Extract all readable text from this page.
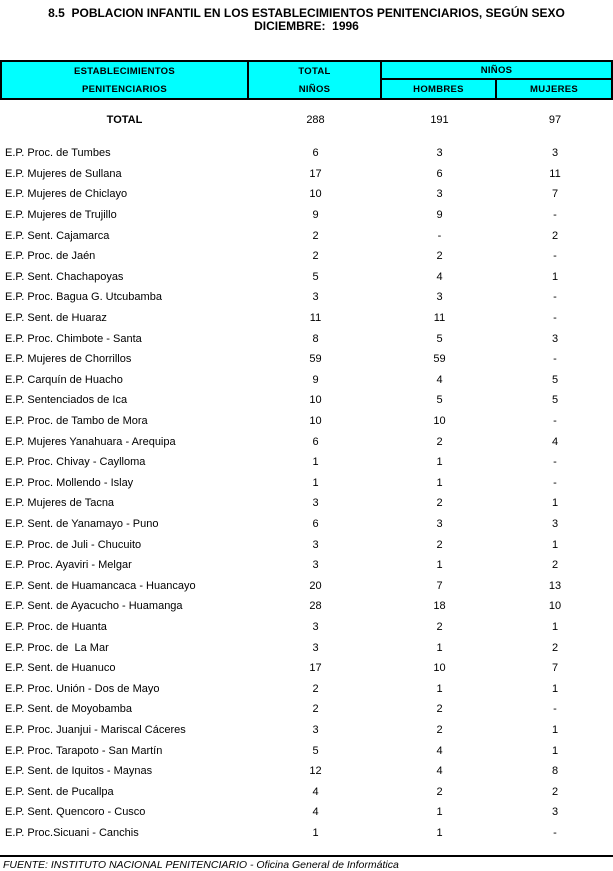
8.5  POBLACION INFANTIL EN LOS ESTABLECIMIENTOS PENITENCIARIOS, SEGÚN SEXO
DICIEMBRE:  1996
ESTABLECIMIENTOS
PENITENCIARIOS
TOTAL
NIÑOS
NIÑOS
HOMBRES	MUJERES
TOTAL	288	191	97
E.P. Proc. de Tumbes	6	3	3
E.P. Mujeres de Sullana	17	6	11
E.P. Mujeres de Chiclayo	10	3	7
E.P. Mujeres de Trujillo	9	9	-
E.P. Sent. Cajamarca	2	-	2
E.P. Proc. de Jaén	2	2	-
E.P. Sent. Chachapoyas	5	4	1
E.P. Proc. Bagua G. Utcubamba	3	3	-
E.P. Sent. de Huaraz	11	11	-
E.P. Proc. Chimbote - Santa	8	5	3
E.P. Mujeres de Chorrillos	59	59	-
E.P. Carquín de Huacho	9	4	5
E.P. Sentenciados de Ica	10	5	5
E.P. Proc. de Tambo de Mora	10	10	-
E.P. Mujeres Yanahuara - Arequipa	6	2	4
E.P. Proc. Chivay - Caylloma	1	1	-
E.P. Proc. Mollendo - Islay	1	1	-
E.P. Mujeres de Tacna	3	2	1
E.P. Sent. de Yanamayo - Puno	6	3	3
E.P. Proc. de Juli - Chucuito	3	2	1
E.P. Proc. Ayaviri - Melgar	3	1	2
E.P. Sent. de Huamancaca - Huancayo	20	7	13
E.P. Sent. de Ayacucho - Huamanga	28	18	10
E.P. Proc. de Huanta	3	2	1
E.P. Proc. de  La Mar	3	1	2
E.P. Sent. de Huanuco	17	10	7
E.P. Proc. Unión - Dos de Mayo	2	1	1
E.P. Sent. de Moyobamba	2	2	-
E.P. Proc. Juanjui - Mariscal Cáceres	3	2	1
E.P. Proc. Tarapoto - San Martín	5	4	1
E.P. Sent. de Iquitos - Maynas	12	4	8
E.P. Sent. de Pucallpa	4	2	2
E.P. Sent. Quencoro - Cusco	4	1	3
E.P. Proc.Sicuani - Canchis	1	1	-
FUENTE: INSTITUTO NACIONAL PENITENCIARIO - Oficina General de Informática
